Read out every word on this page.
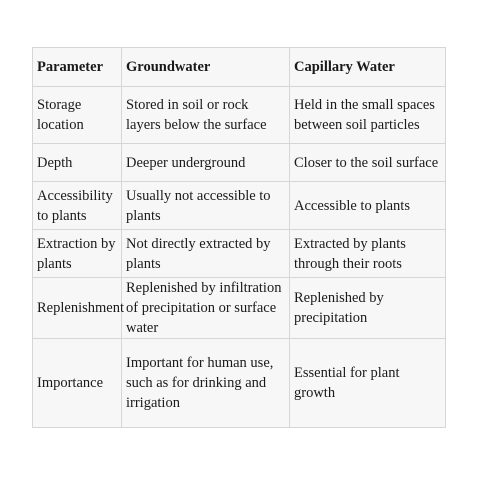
Parameter	Groundwater	Capillary Water
Storage location	Stored in soil or rock layers below the surface	Held in the small spaces between soil particles
Depth	Deeper underground	Closer to the soil surface
Accessibility to plants	Usually not accessible to plants	Accessible to plants
Extraction by plants	Not directly extracted by plants	Extracted by plants through their roots
Replenishment	Replenished by infiltration of precipitation or surface water	Replenished by precipitation
Importance	Important for human use, such as for drinking and irrigation	Essential for plant growth
